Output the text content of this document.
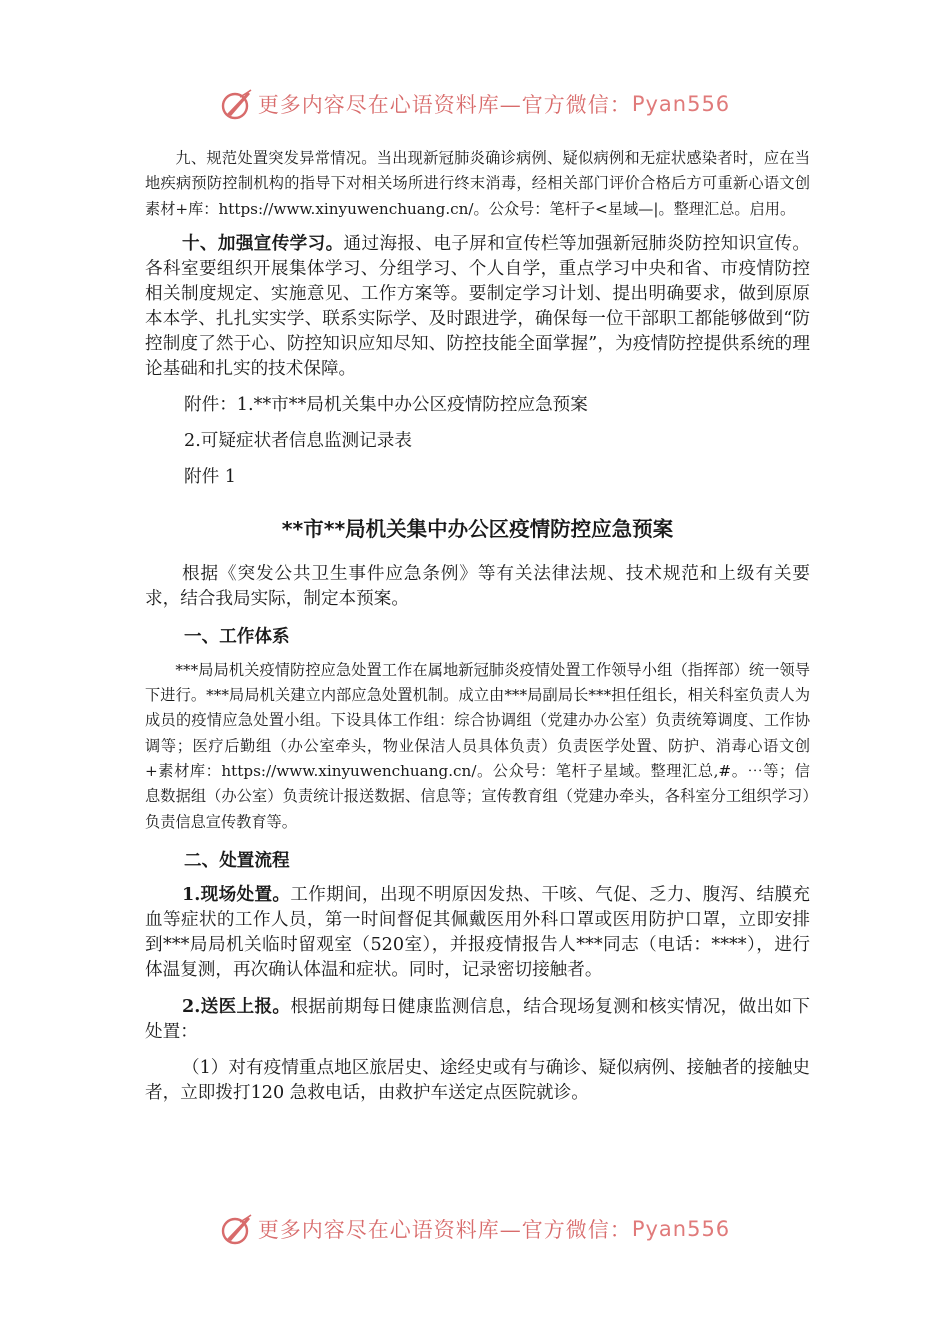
更多内容尽在心语资料库—官方微信： Pyan556

九、规范处置突发异常情况。当出现新冠肺炎确诊病例、疑似病例和无症状感染者时，应在当地疾病预防控制机构的指导下对相关场所进行终末消毒，经相关部门评价合格后方可重新心语文创素材+库：https://www.xinyuwenchuang.cn/。公众号：笔杆子<星域—|。整理汇总。启用。

十、加强宣传学习。通过海报、电子屏和宣传栏等加强新冠肺炎防控知识宣传。各科室要组织开展集体学习、分组学习、个人自学，重点学习中央和省、市疫情防控相关制度规定、实施意见、工作方案等。要制定学习计划、提出明确要求，做到原原本本学、扎扎实实学、联系实际学、及时跟进学，确保每一位干部职工都能够做到“防控制度了然于心、防控知识应知尽知、防控技能全面掌握”，为疫情防控提供系统的理论基础和扎实的技术保障。

附件：1.**市**局机关集中办公区疫情防控应急预案

2.可疑症状者信息监测记录表

附件 1

**市**局机关集中办公区疫情防控应急预案

根据《突发公共卫生事件应急条例》等有关法律法规、技术规范和上级有关要求，结合我局实际，制定本预案。

一、工作体系

***局局机关疫情防控应急处置工作在属地新冠肺炎疫情处置工作领导小组（指挥部）统一领导下进行。***局局机关建立内部应急处置机制。成立由***局副局长***担任组长，相关科室负责人为成员的疫情应急处置小组。下设具体工作组：综合协调组（党建办办公室）负责统筹调度、工作协调等；医疗后勤组（办公室牵头，物业保洁人员具体负责）负责医学处置、防护、消毒心语文创+素材库：https://www.xinyuwenchuang.cn/。公众号：笔杆子星域。整理汇总,#。⋯等；信息数据组（办公室）负责统计报送数据、信息等；宣传教育组（党建办牵头，各科室分工组织学习）负责信息宣传教育等。

二、处置流程

1.现场处置。工作期间，出现不明原因发热、干咳、气促、乏力、腹泻、结膜充血等症状的工作人员，第一时间督促其佩戴医用外科口罩或医用防护口罩，立即安排到***局局机关临时留观室（520室），并报疫情报告人***同志（电话：****），进行体温复测，再次确认体温和症状。同时，记录密切接触者。

2.送医上报。根据前期每日健康监测信息，结合现场复测和核实情况，做出如下处置：

（1）对有疫情重点地区旅居史、途经史或有与确诊、疑似病例、接触者的接触史者，立即拨打120 急救电话，由救护车送定点医院就诊。

更多内容尽在心语资料库—官方微信： Pyan556
